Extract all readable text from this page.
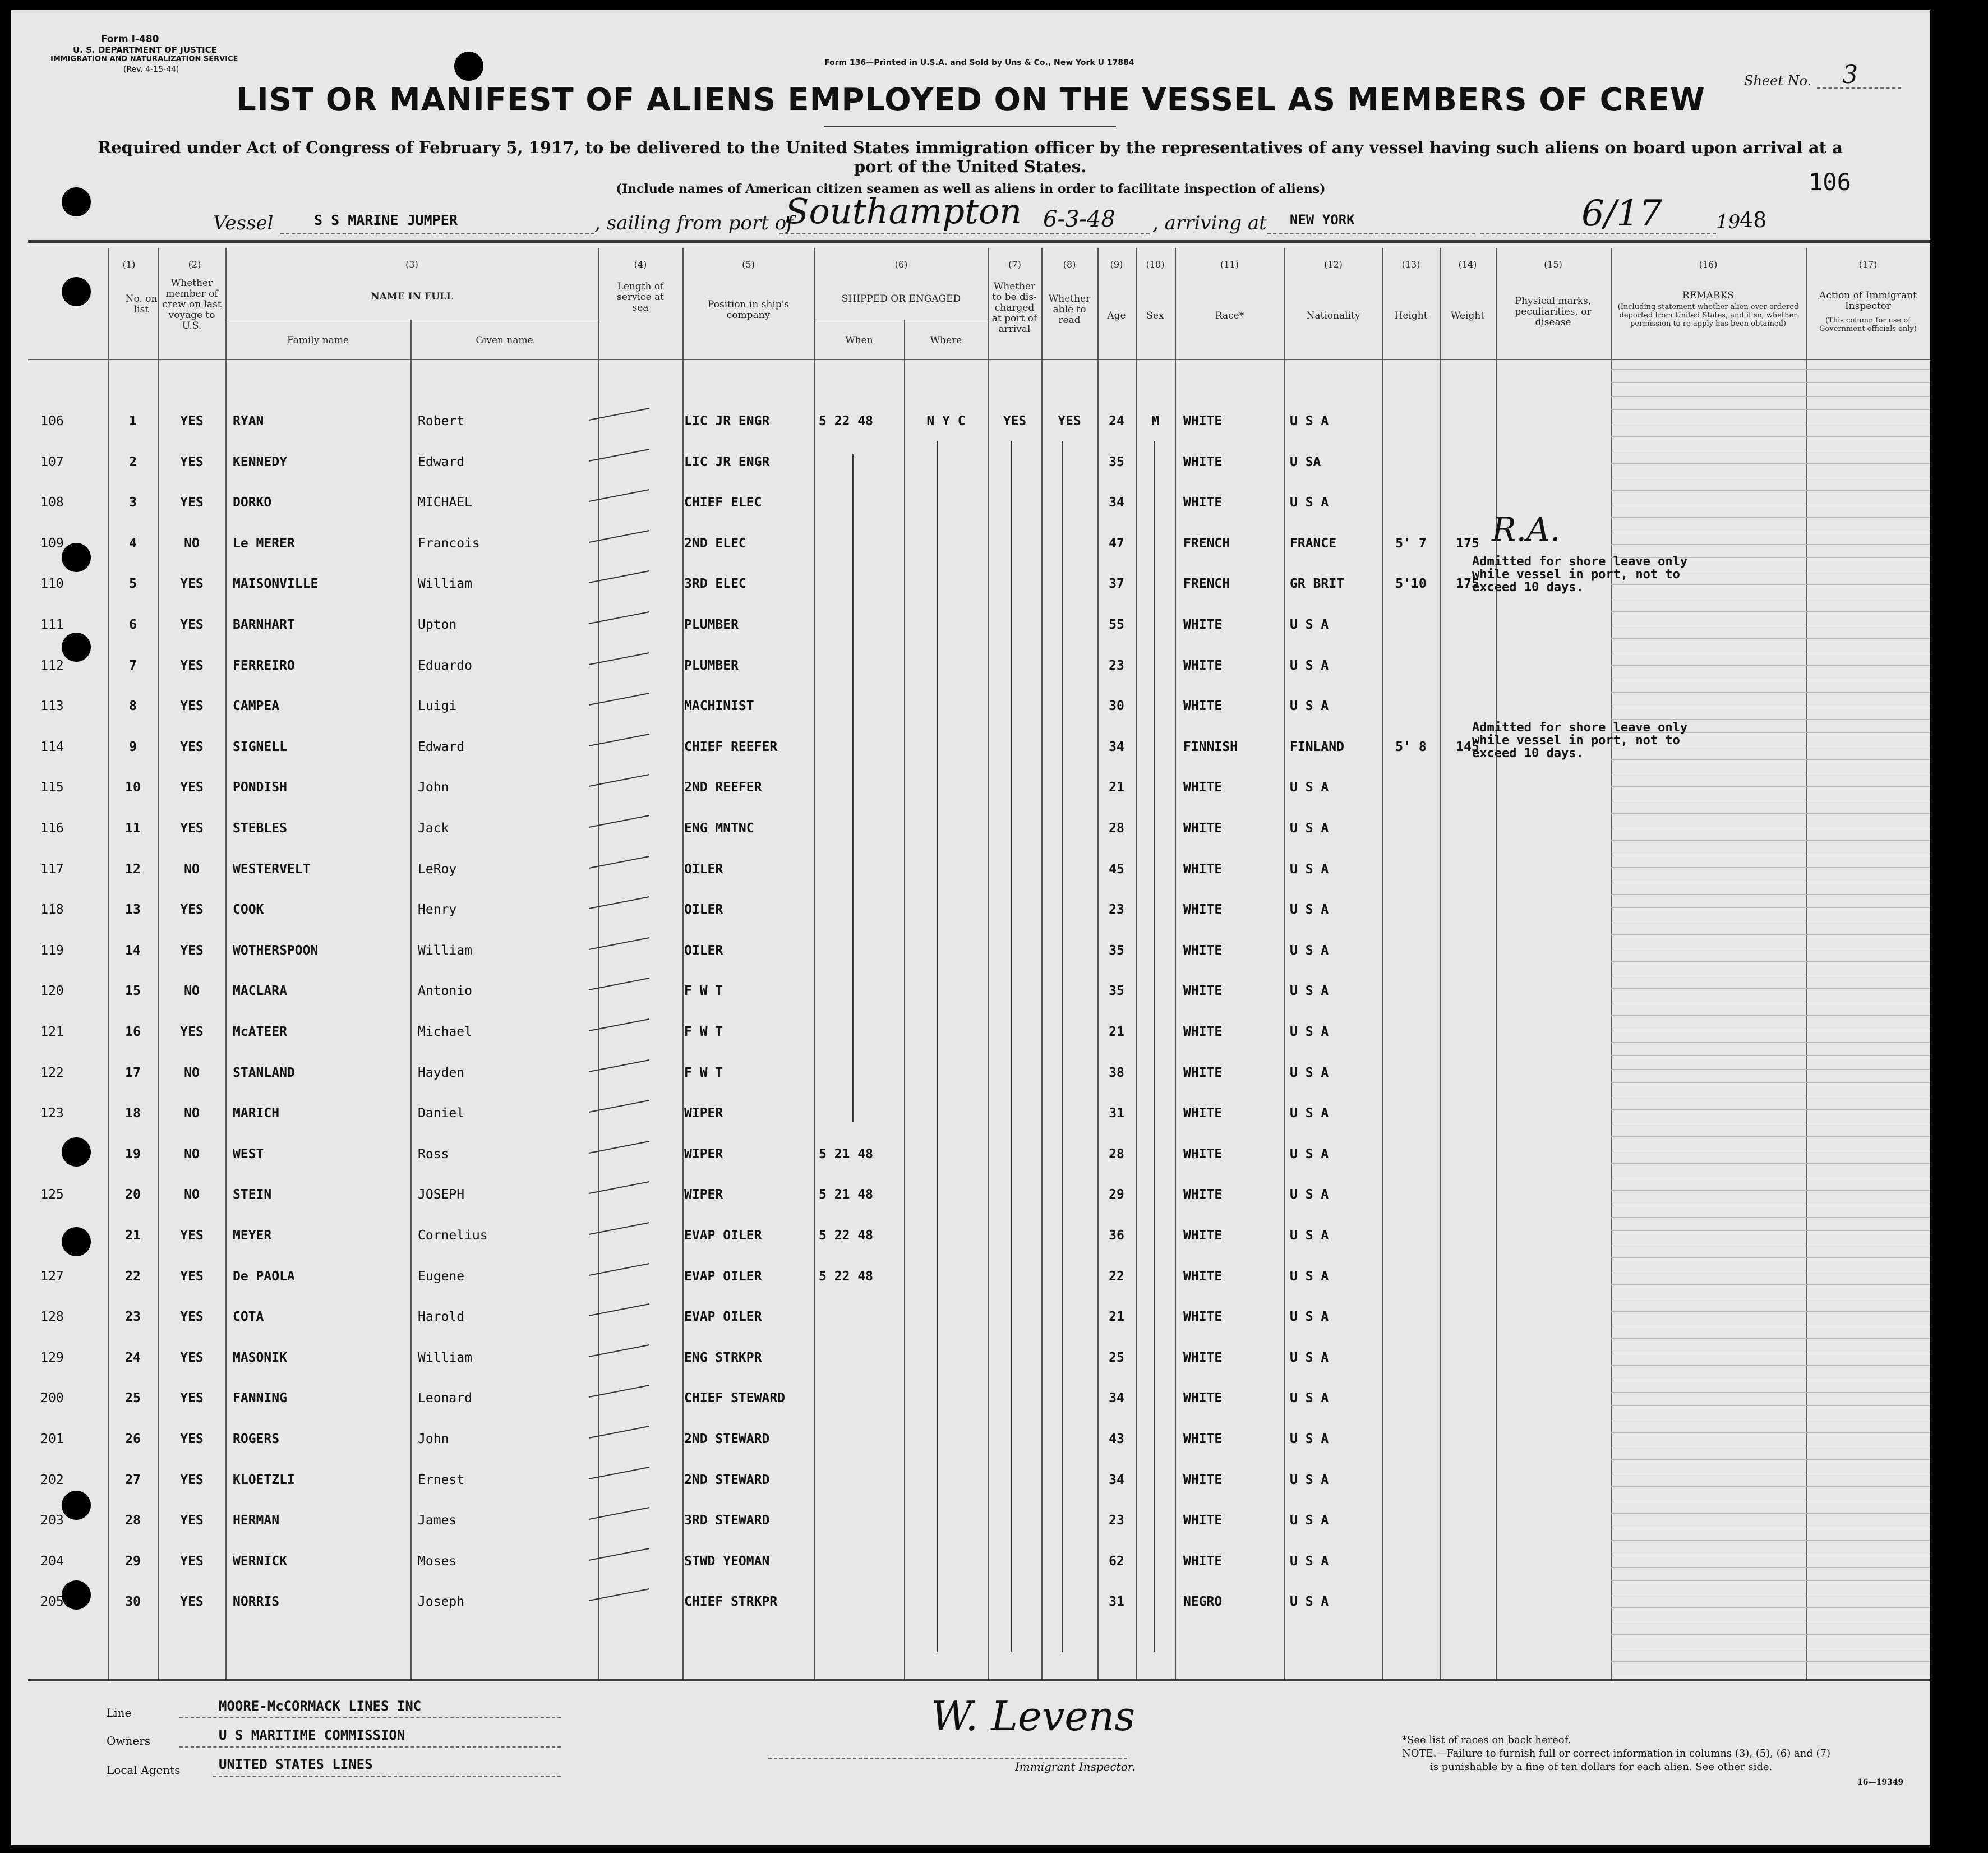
Form I-480
U. S. DEPARTMENT OF JUSTICE
IMMIGRATION AND NATURALIZATION SERVICE
(Rev. 4-15-44)
Form 136—Printed in U.S.A. and Sold by Uns & Co., New York U 17884
Sheet No. 3
LIST OR MANIFEST OF ALIENS EMPLOYED ON THE VESSEL AS MEMBERS OF CREW
Required under Act of Congress of February 5, 1917, to be delivered to the United States immigration officer by the representatives of any vessel having such aliens on board upon arrival at a port of the United States.
(Include names of American citizen seamen as well as aliens in order to facilitate inspection of aliens)	106
Vessel	S S MARINE JUMPER	, sailing from port of
Southampton 6-3-48 , arriving at NEW YORK	6/17	19
48
(1)
No. on list
(2)
Whether member of crew on last voyage to U.S.
(3)
NAME IN FULL
Family name	Given name
(4)
Length of service at sea
(5)
Position in ship's company
(6)
SHIPPED OR ENGAGED
When	Where
(7)
Whether to be dis-charged at port of arrival
(8)
Whether able to read
(9)
Age
(10)
Sex
(11)
Race*
(12)
Nationality
(13)
Height
(14)
Weight
(15)
Physical marks, peculiarities, or disease
(16)
REMARKS
(Including statement whether alien ever ordered deported from United States, and if so, whether permission to re-apply has been obtained)
(17)
Action of Immigrant Inspector
(This column for use of Government officials only)
106	1	YES	RYAN	Robert	LIC JR ENGR	5 22 48	N Y C	YES	YES	24	M	WHITE	U S A
107	2	YES	KENNEDY	Edward	LIC JR ENGR	35	WHITE	U SA
108	3	YES	DORKO	MICHAEL	CHIEF ELEC	34	WHITE	U S A
109	4	NO	Le MERER	Francois	2ND ELEC	47	FRENCH	FRANCE	5' 7	175
110	5	YES	MAISONVILLE	William	3RD ELEC	37	FRENCH	GR BRIT	5'10	175
111	6	YES	BARNHART	Upton	PLUMBER	55	WHITE	U S A
112	7	YES	FERREIRO	Eduardo	PLUMBER	23	WHITE	U S A
113	8	YES	CAMPEA	Luigi	MACHINIST	30	WHITE	U S A
114	9	YES	SIGNELL	Edward	CHIEF REEFER	34	FINNISH	FINLAND	5' 8	145
115	10	YES	PONDISH	John	2ND REEFER	21	WHITE	U S A
116	11	YES	STEBLES	Jack	ENG MNTNC	28	WHITE	U S A
117	12	NO	WESTERVELT	LeRoy	OILER	45	WHITE	U S A
118	13	YES	COOK	Henry	OILER	23	WHITE	U S A
119	14	YES	WOTHERSPOON	William	OILER	35	WHITE	U S A
120	15	NO	MACLARA	Antonio	F W T	35	WHITE	U S A
121	16	YES	McATEER	Michael	F W T	21	WHITE	U S A
122	17	NO	STANLAND	Hayden	F W T	38	WHITE	U S A
123	18	NO	MARICH	Daniel	WIPER	31	WHITE	U S A
19	NO	WEST	Ross	WIPER	5 21 48	28	WHITE	U S A
125	20	NO	STEIN	JOSEPH	WIPER	5 21 48	29	WHITE	U S A
21	YES	MEYER	Cornelius	EVAP OILER	5 22 48	36	WHITE	U S A
127	22	YES	De PAOLA	Eugene	EVAP OILER	5 22 48	22	WHITE	U S A
128	23	YES	COTA	Harold	EVAP OILER	21	WHITE	U S A
129	24	YES	MASONIK	William	ENG STRKPR	25	WHITE	U S A
200	25	YES	FANNING	Leonard	CHIEF STEWARD	34	WHITE	U S A
201	26	YES	ROGERS	John	2ND STEWARD	43	WHITE	U S A
202	27	YES	KLOETZLI	Ernest	2ND STEWARD	34	WHITE	U S A
203	28	YES	HERMAN	James	3RD STEWARD	23	WHITE	U S A
204	29	YES	WERNICK	Moses	STWD YEOMAN	62	WHITE	U S A
205	30	YES	NORRIS	Joseph	CHIEF STRKPR	31	NEGRO	U S A
R.A.
Admitted for shore leave only
while vessel in port, not to
exceed 10 days.
Admitted for shore leave only
while vessel in port, not to
exceed 10 days.
Line	MOORE-McCORMACK LINES INC
Owners	U S MARITIME COMMISSION
Local Agents	UNITED STATES LINES
W. Levens
Immigrant Inspector.
*See list of races on back hereof.
NOTE.—Failure to furnish full or correct information in columns (3), (5), (6) and (7)
is punishable by a fine of ten dollars for each alien. See other side.
16—19349
